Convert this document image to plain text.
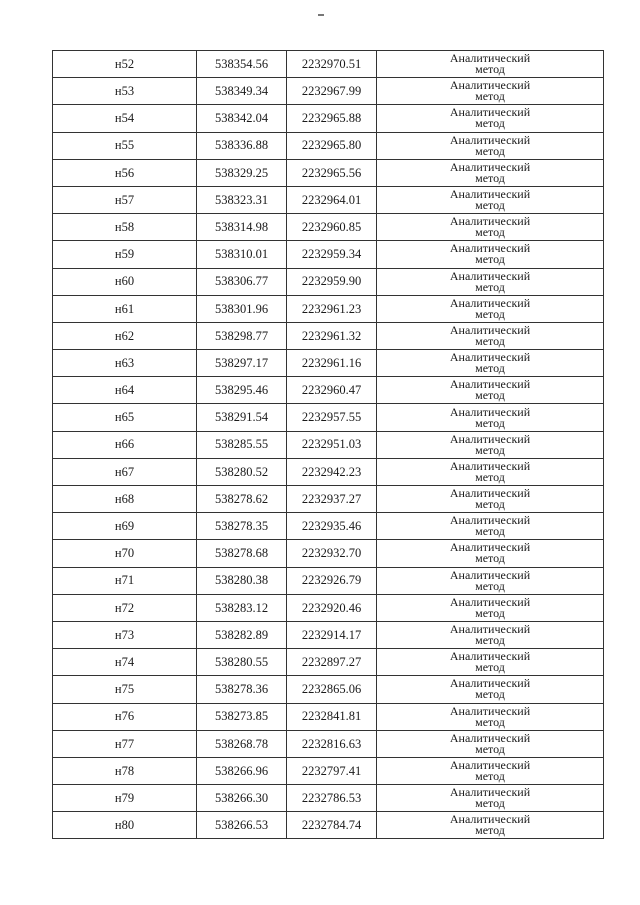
н52	538354.56	2232970.51	Аналитический
метод

н53	538349.34	2232967.99	Аналитический
метод

н54	538342.04	2232965.88	Аналитический
метод

н55	538336.88	2232965.80	Аналитический
метод

н56	538329.25	2232965.56	Аналитический
метод

н57	538323.31	2232964.01	Аналитический
метод

н58	538314.98	2232960.85	Аналитический
метод

н59	538310.01	2232959.34	Аналитический
метод

н60	538306.77	2232959.90	Аналитический
метод

н61	538301.96	2232961.23	Аналитический
метод

н62	538298.77	2232961.32	Аналитический
метод

н63	538297.17	2232961.16	Аналитический
метод

н64	538295.46	2232960.47	Аналитический
метод

н65	538291.54	2232957.55	Аналитический
метод

н66	538285.55	2232951.03	Аналитический
метод

н67	538280.52	2232942.23	Аналитический
метод

н68	538278.62	2232937.27	Аналитический
метод

н69	538278.35	2232935.46	Аналитический
метод

н70	538278.68	2232932.70	Аналитический
метод

н71	538280.38	2232926.79	Аналитический
метод

н72	538283.12	2232920.46	Аналитический
метод

н73	538282.89	2232914.17	Аналитический
метод

н74	538280.55	2232897.27	Аналитический
метод

н75	538278.36	2232865.06	Аналитический
метод

н76	538273.85	2232841.81	Аналитический
метод

н77	538268.78	2232816.63	Аналитический
метод

н78	538266.96	2232797.41	Аналитический
метод

н79	538266.30	2232786.53	Аналитический
метод

н80	538266.53	2232784.74	Аналитический
метод
